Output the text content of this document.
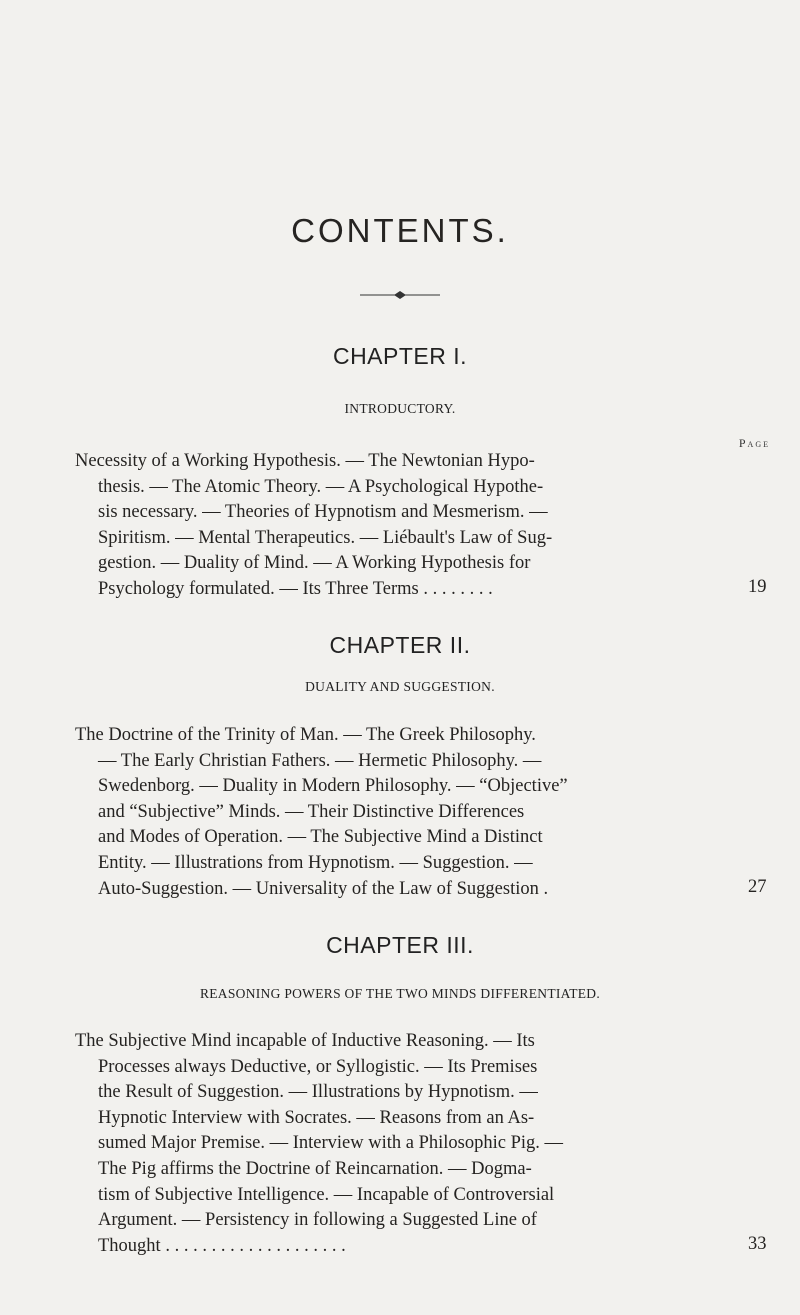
CONTENTS.
CHAPTER I.
INTRODUCTORY.
Page
Necessity of a Working Hypothesis. — The Newtonian Hypo-
thesis. — The Atomic Theory. — A Psychological Hypothe-
sis necessary. — Theories of Hypnotism and Mesmerism. —
Spiritism. — Mental Therapeutics. — Liébault's Law of Sug-
gestion. — Duality of Mind. — A Working Hypothesis for
Psychology formulated. — Its Three Terms . . . . . . . .	19
CHAPTER II.
DUALITY AND SUGGESTION.
The Doctrine of the Trinity of Man. — The Greek Philosophy.
— The Early Christian Fathers. — Hermetic Philosophy. —
Swedenborg. — Duality in Modern Philosophy. — “Objective”
and “Subjective” Minds. — Their Distinctive Differences
and Modes of Operation. — The Subjective Mind a Distinct
Entity. — Illustrations from Hypnotism. — Suggestion. —
Auto-Suggestion. — Universality of the Law of Suggestion .	27
CHAPTER III.
REASONING POWERS OF THE TWO MINDS DIFFERENTIATED.
The Subjective Mind incapable of Inductive Reasoning. — Its
Processes always Deductive, or Syllogistic. — Its Premises
the Result of Suggestion. — Illustrations by Hypnotism. —
Hypnotic Interview with Socrates. — Reasons from an As-
sumed Major Premise. — Interview with a Philosophic Pig. —
The Pig affirms the Doctrine of Reincarnation. — Dogma-
tism of Subjective Intelligence. — Incapable of Controversial
Argument. — Persistency in following a Suggested Line of
Thought . . . . . . . . . . . . . . . . . . . .	33
